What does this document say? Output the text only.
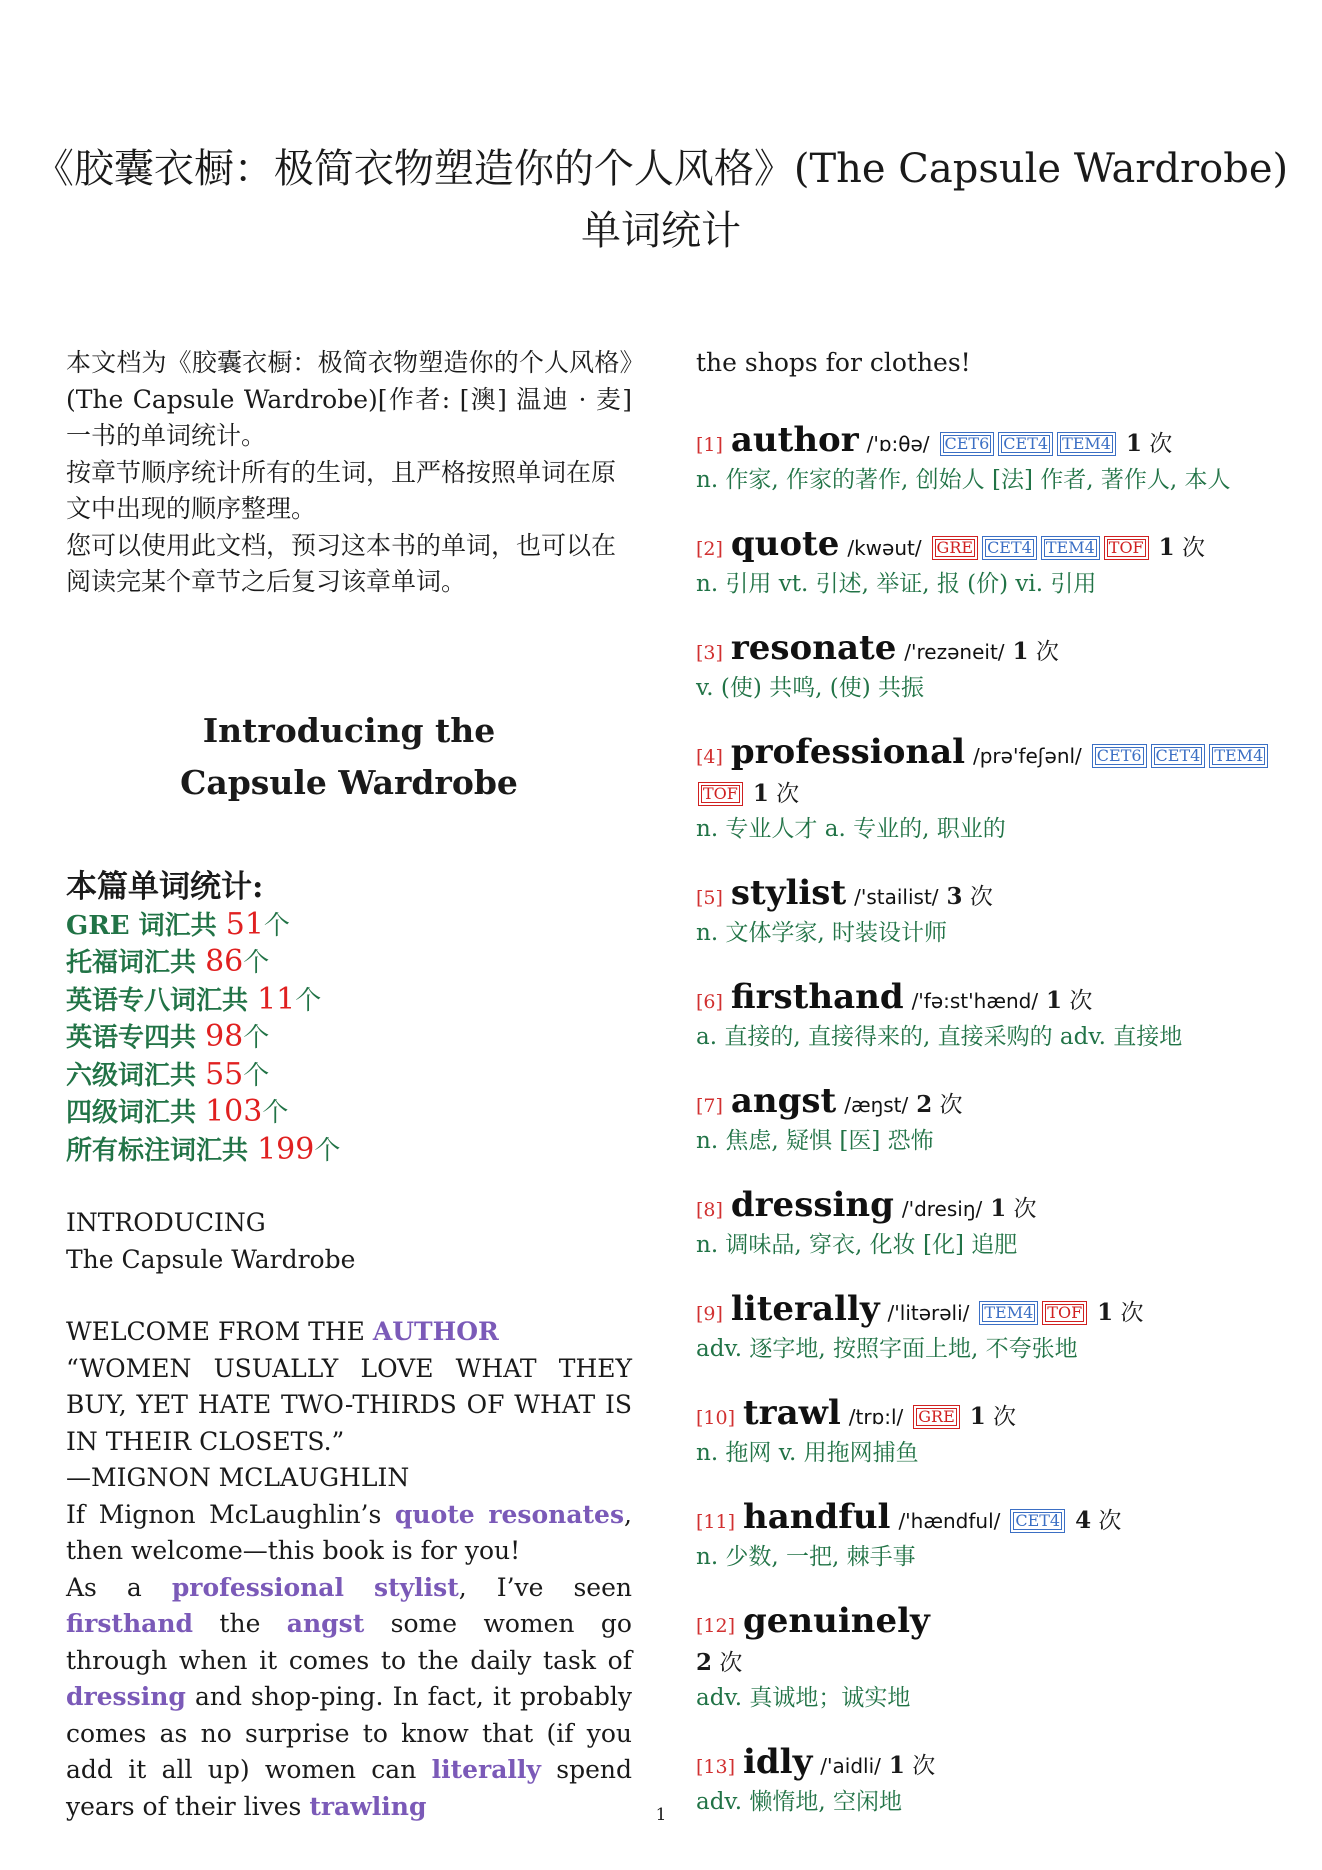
《胶囊衣橱：极简衣物塑造你的个人风格》(The Capsule Wardrobe)
单词统计

本文档为《胶囊衣橱：极简衣物塑造你的个人风格》(The Capsule Wardrobe)[作者: [澳] 温迪 · 麦] 一书的单词统计。

按章节顺序统计所有的生词，且严格按照单词在原文中出现的顺序整理。

您可以使用此文档，预习这本书的单词，也可以在阅读完某个章节之后复习该章单词。

Introducing the Capsule Wardrobe

本篇单词统计:

GRE 词汇共 51个
托福词汇共 86个
英语专八词汇共 11个
英语专四共 98个
六级词汇共 55个
四级词汇共 103个
所有标注词汇共 199个

INTRODUCING

The Capsule Wardrobe

WELCOME FROM THE AUTHOR

“WOMEN USUALLY LOVE WHAT THEY BUY, YET HATE TWO-THIRDS OF WHAT IS IN THEIR CLOSETS.”

—MIGNON MCLAUGHLIN

If Mignon McLaughlin’s quote resonates, then welcome—this book is for you!

As a professional stylist, I’ve seen firsthand the angst some women go through when it comes to the daily task of dressing and shop-ping. In fact, it probably comes as no surprise to know that (if you add it all up) women can literally spend years of their lives trawling

the shops for clothes!

[1] author /'ɒ:θə/ CET6 CET4 TEM4 1 次
n. 作家, 作家的著作, 创始人 [法] 作者, 著作人, 本人
[2] quote /kwəut/ GRE CET4 TEM4 TOF 1 次
n. 引用 vt. 引述, 举证, 报 (价) vi. 引用
[3] resonate /'rezəneit/ 1 次
v. (使) 共鸣, (使) 共振
[4] professional /prə'feʃənl/ CET6 CET4 TEM4TOF 1 次
n. 专业人才 a. 专业的, 职业的
[5] stylist /'stailist/ 3 次
n. 文体学家, 时装设计师
[6] firsthand /'fə:st'hænd/ 1 次
a. 直接的, 直接得来的, 直接采购的 adv. 直接地
[7] angst /æŋst/ 2 次
n. 焦虑, 疑惧 [医] 恐怖
[8] dressing /'dresiŋ/ 1 次
n. 调味品, 穿衣, 化妆 [化] 追肥
[9] literally /'litərəli/ TEM4 TOF 1 次
adv. 逐字地, 按照字面上地, 不夸张地
[10] trawl /trɒ:l/ GRE 1 次
n. 拖网 v. 用拖网捕鱼
[11] handful /'hændful/ CET4 4 次
n. 少数, 一把, 棘手事
[12] genuinely
2 次
adv. 真诚地；诚实地
[13] idly /'aidli/ 1 次
adv. 懒惰地, 空闲地
1
